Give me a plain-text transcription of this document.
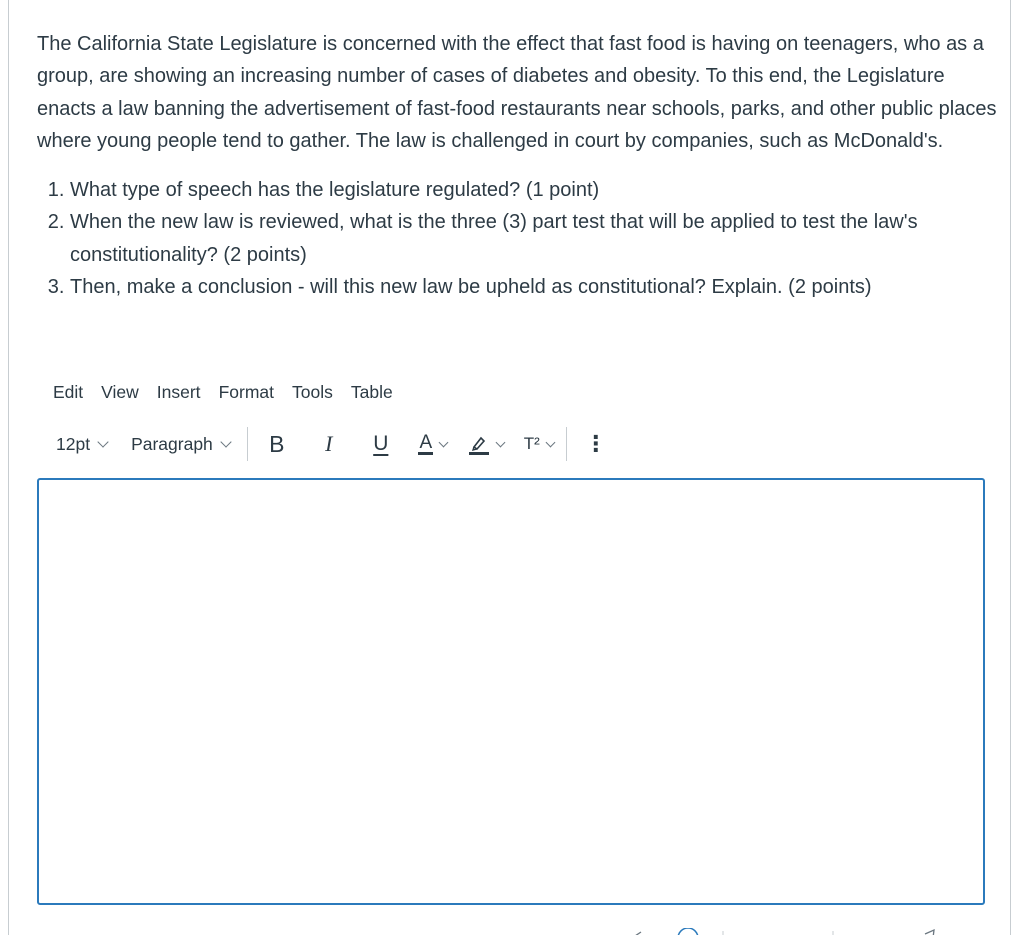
The California State Legislature is concerned with the effect that fast food is having on teenagers, who as a group, are showing an increasing number of cases of diabetes and obesity. To this end, the Legislature enacts a law banning the advertisement of fast-food restaurants near schools, parks, and other public places where young people tend to gather. The law is challenged in court by companies, such as McDonald's.

1. What type of speech has the legislature regulated? (1 point)
2. When the new law is reviewed, what is the three (3) part test that will be applied to test the law's constitutionality? (2 points)
3. Then, make a conclusion - will this new law be upheld as constitutional? Explain. (2 points)
Edit	View	Insert	Format	Tools	Table
12pt Paragraph B I U A	T² ⋮
